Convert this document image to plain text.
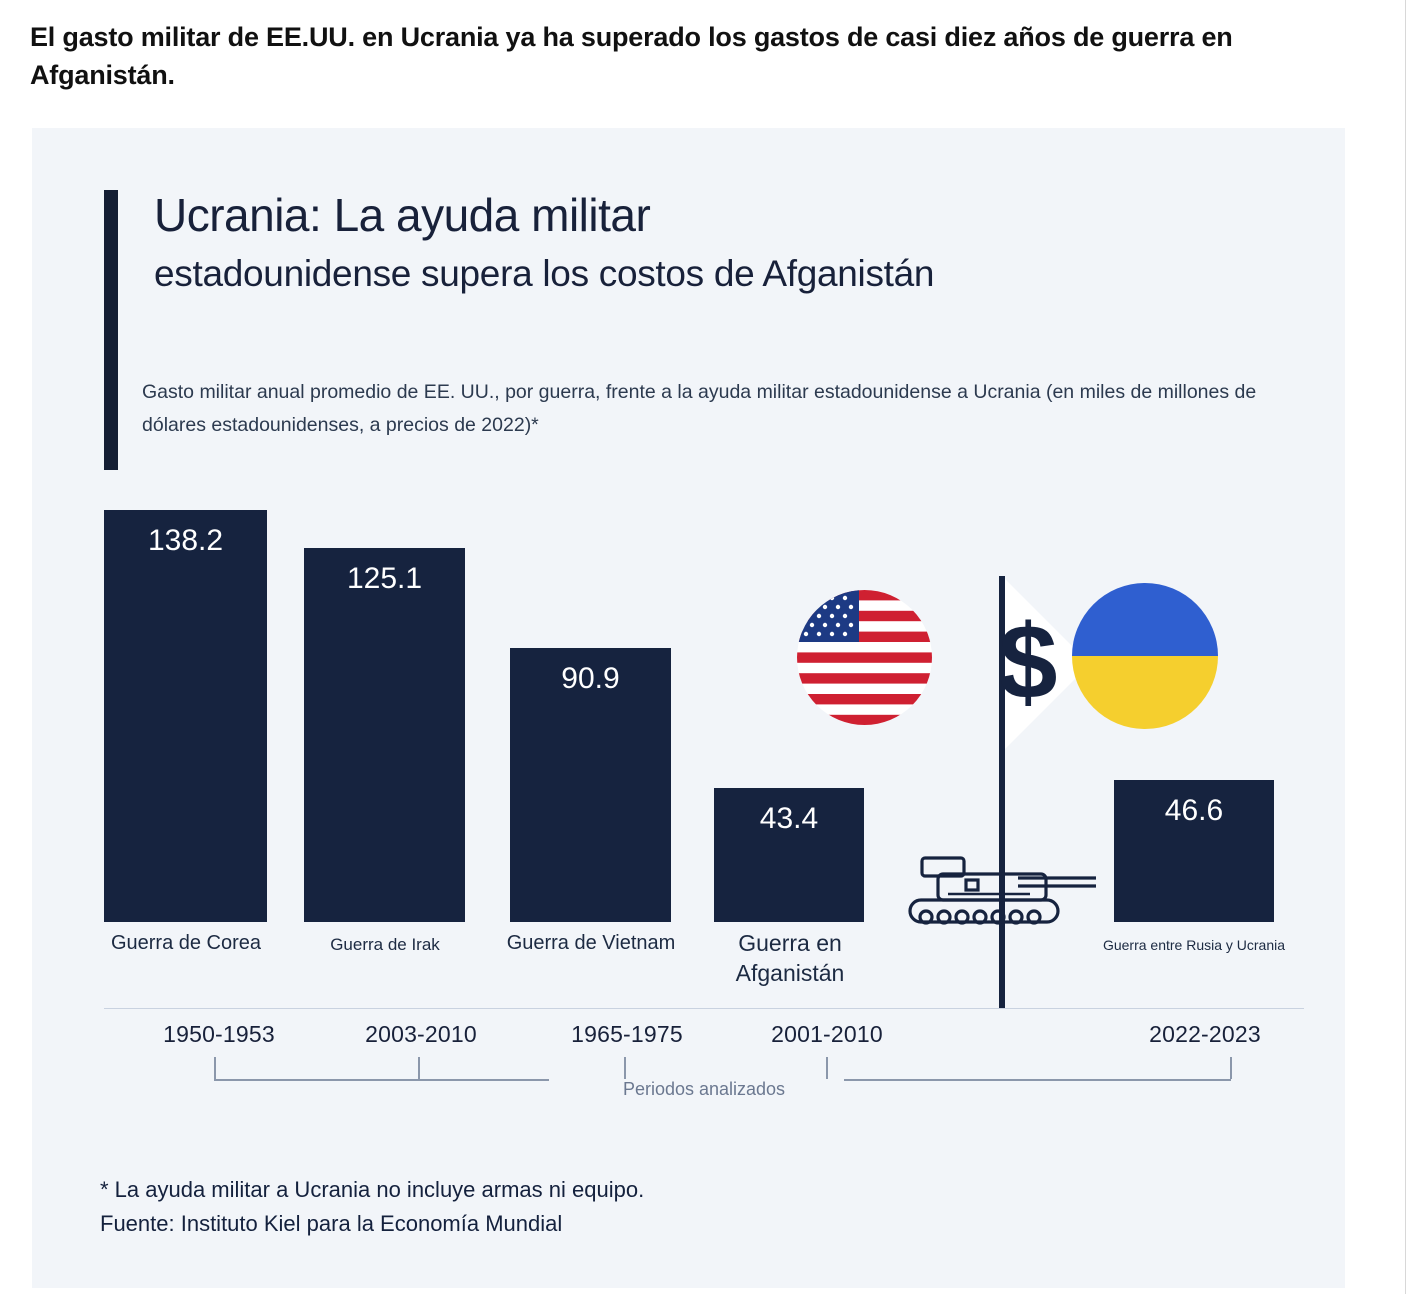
El gasto militar de EE.UU. en Ucrania ya ha superado los gastos de casi diez años de guerra en Afganistán.
Ucrania: La ayuda militar
estadounidense supera los costos de Afganistán
Gasto militar anual promedio de EE. UU., por guerra, frente a la ayuda militar estadounidense a Ucrania (en miles de millones de dólares estadounidenses, a precios de 2022)*
138.2
Guerra de Corea
125.1
Guerra de Irak
90.9
Guerra de Vietnam
43.4
Guerra en Afganistán
46.6
Guerra entre Rusia y Ucrania
$
1950-1953	2003-2010	1965-1975	2001-2010	2022-2023
Periodos analizados
* La ayuda militar a Ucrania no incluye armas ni equipo.
Fuente: Instituto Kiel para la Economía Mundial
